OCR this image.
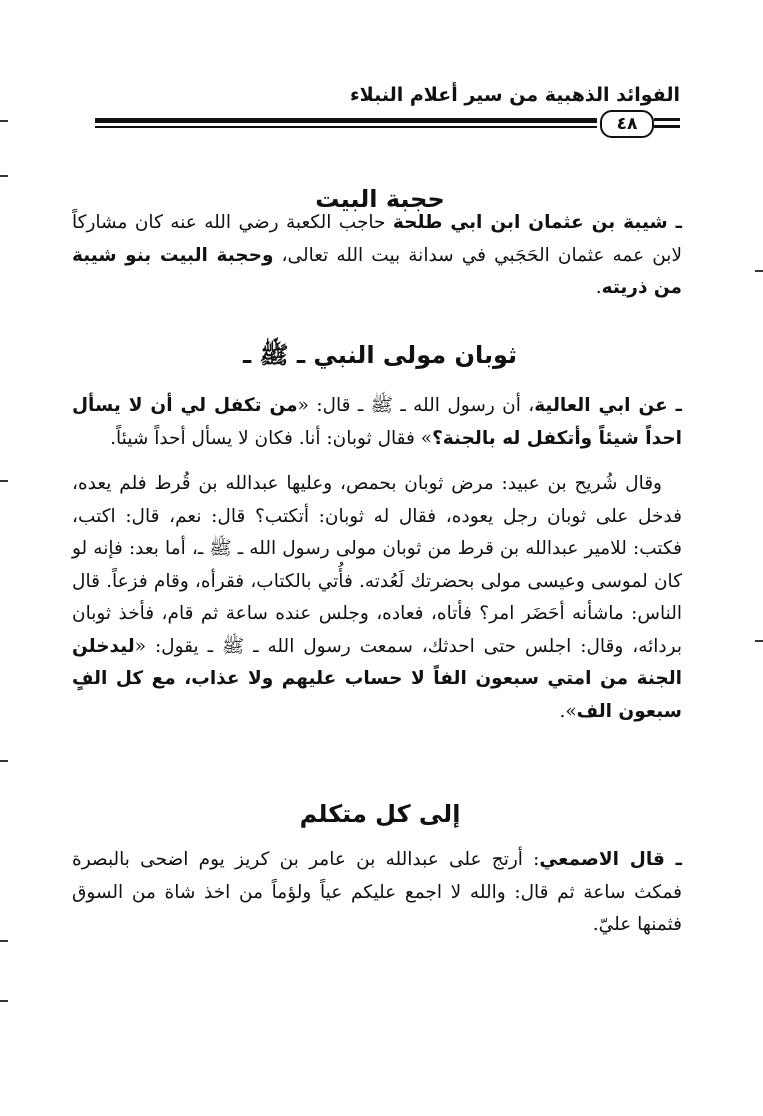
الفوائد الذهبية من سير أعلام النبلاء
٤٨
حجبة البيت

ـ شيبة بن عثمان ابن ابي طلحة حاجب الكعبة رضي الله عنه كان مشاركاً لابن عمه عثمان الحَجَبي في سدانة بيت الله تعالى، وحجبة البيت بنو شيبة من ذريته.

ثوبان مولى النبي ـ ﷺ ـ

ـ عن ابي العالية، أن رسول الله ـ ﷺ ـ قال: «من تكفل لي أن لا يسأل احداً شيئاً وأتكفل له بالجنة؟» فقال ثوبان: أنا. فكان لا يسأل أحداً شيئاً.

وقال شُريح بن عبيد: مرض ثوبان بحمص، وعليها عبدالله بن قُرط فلم يعده، فدخل على ثوبان رجل يعوده، فقال له ثوبان: أتكتب؟ قال: نعم، قال: اكتب، فكتب: للامير عبدالله بن قرط من ثوبان مولى رسول الله ـ ﷺ ـ، أما بعد: فإنه لو كان لموسى وعيسى مولى بحضرتك لَعُدته. فأُتي بالكتاب، فقرأه، وقام فزعاً. قال الناس: ماشأنه أحَضَر امر؟ فأتاه، فعاده، وجلس عنده ساعة ثم قام، فأخذ ثوبان بردائه، وقال: اجلس حتى احدثك، سمعت رسول الله ـ ﷺ ـ يقول: «ليدخلن الجنة من امتي سبعون الفاً لا حساب عليهم ولا عذاب، مع كل الفٍ سبعون الف».

إلى كل متكلم

ـ قال الاصمعي: أرتج على عبدالله بن عامر بن كريز يوم اضحى بالبصرة فمكث ساعة ثم قال: والله لا اجمع عليكم عياً ولؤماً من اخذ شاة من السوق فثمنها عليّ.
